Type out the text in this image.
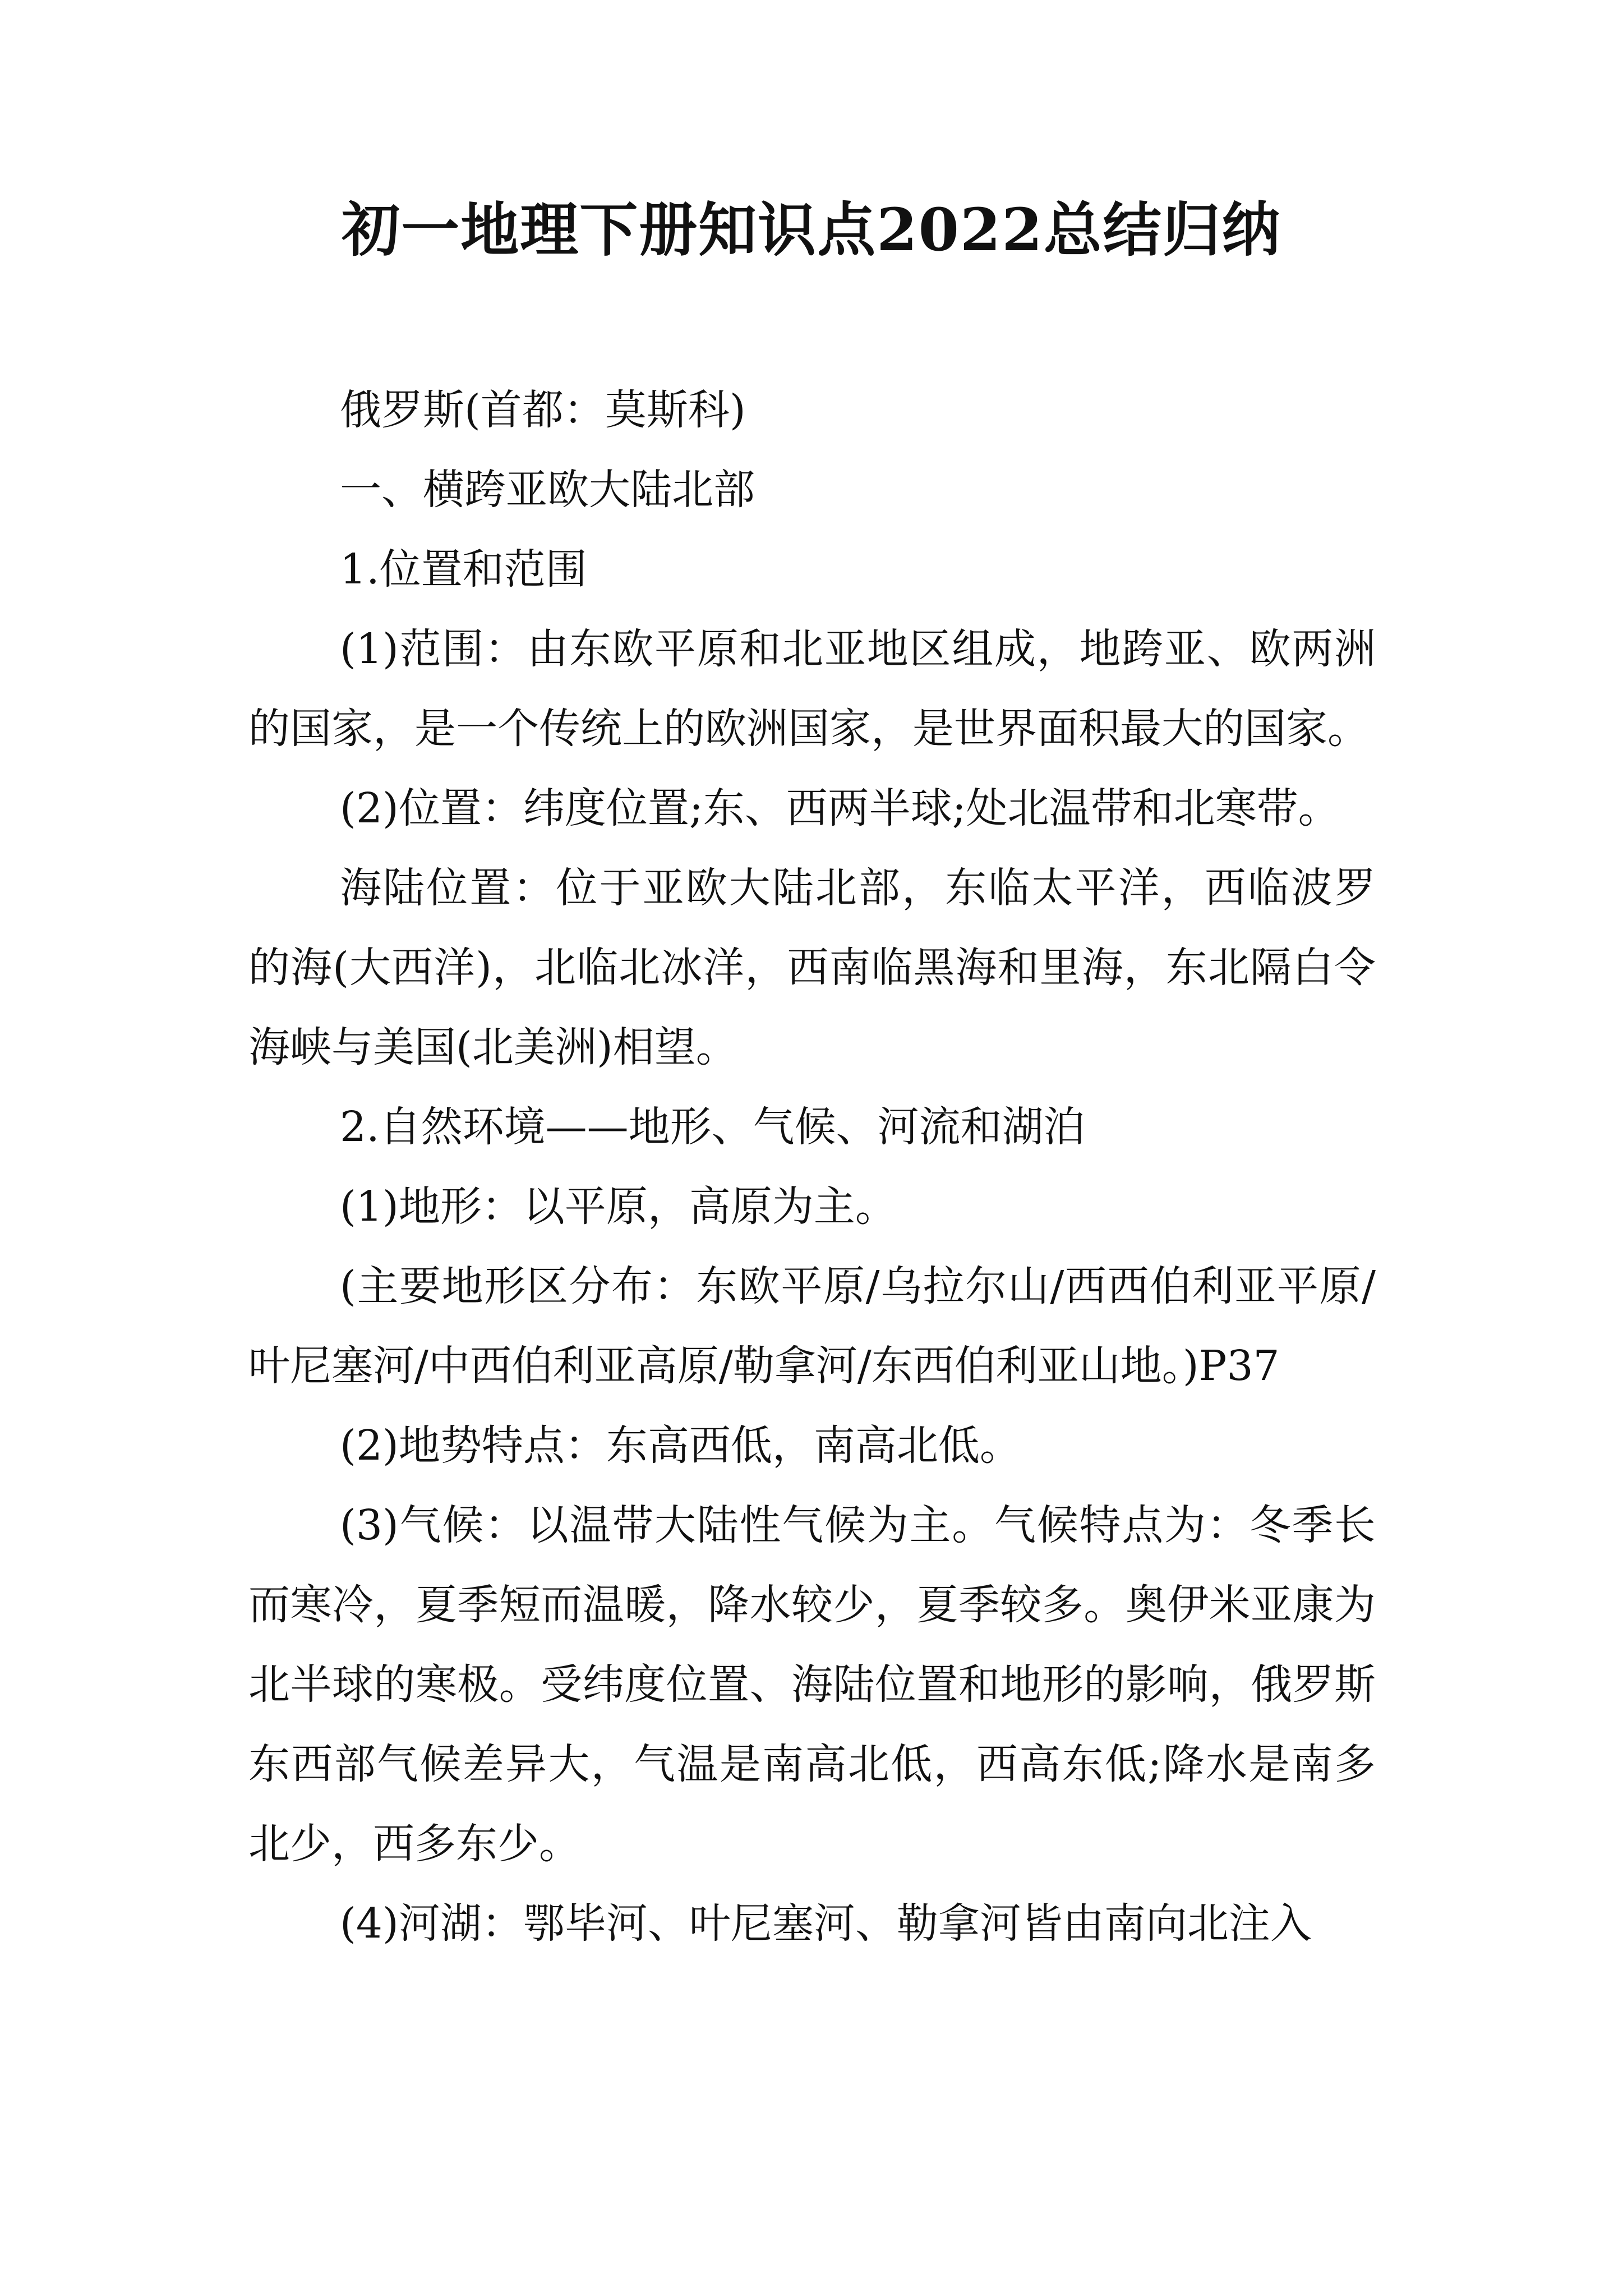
初一地理下册知识点2022总结归纳

俄罗斯(首都：莫斯科)

一、横跨亚欧大陆北部

1.位置和范围

(1)范围：由东欧平原和北亚地区组成，地跨亚、欧两洲的国家，是一个传统上的欧洲国家，是世界面积最大的国家。

(2)位置：纬度位置;东、西两半球;处北温带和北寒带。

海陆位置：位于亚欧大陆北部，东临太平洋，西临波罗的海(大西洋)，北临北冰洋，西南临黑海和里海，东北隔白令海峡与美国(北美洲)相望。

2.自然环境——地形、气候、河流和湖泊

(1)地形：以平原，高原为主。

(主要地形区分布：东欧平原/乌拉尔山/西西伯利亚平原/叶尼塞河/中西伯利亚高原/勒拿河/东西伯利亚山地。)P37

(2)地势特点：东高西低，南高北低。

(3)气候：以温带大陆性气候为主。气候特点为：冬季长而寒冷，夏季短而温暖，降水较少，夏季较多。奥伊米亚康为北半球的寒极。受纬度位置、海陆位置和地形的影响，俄罗斯东西部气候差异大，气温是南高北低，西高东低;降水是南多北少，西多东少。

(4)河湖：鄂毕河、叶尼塞河、勒拿河皆由南向北注入
